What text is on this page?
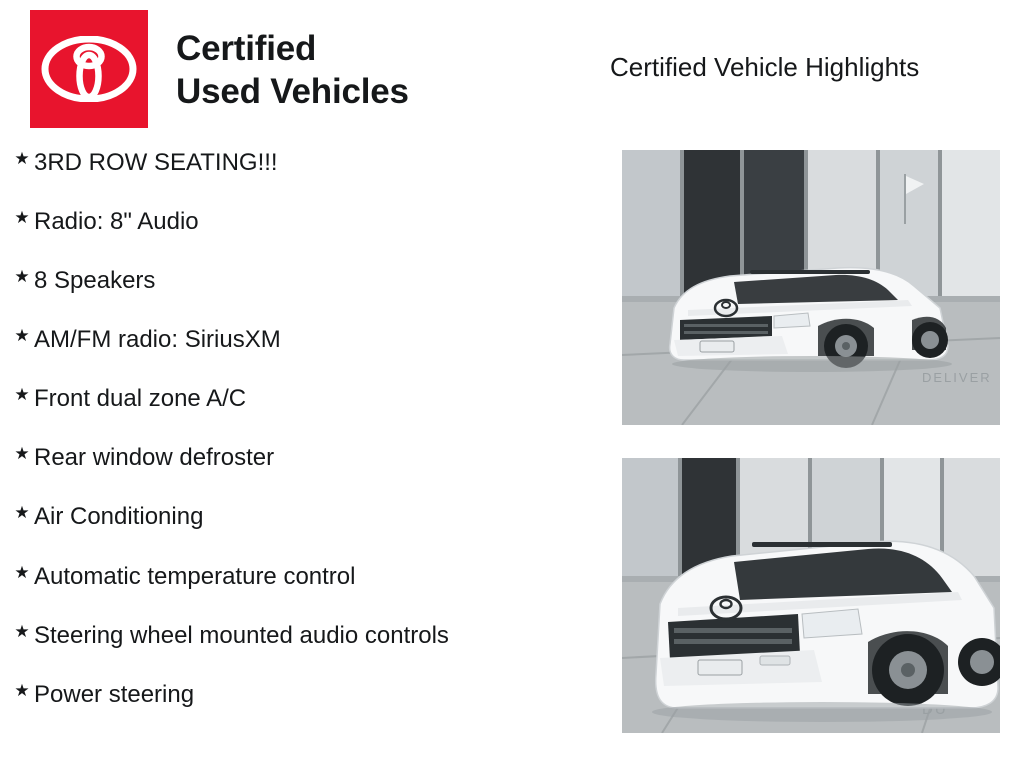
Certified
Used Vehicles
Certified Vehicle Highlights
★ 3RD ROW SEATING!!!
★ Radio: 8" Audio
★ 8 Speakers
★ AM/FM radio: SiriusXM
★ Front dual zone A/C
★ Rear window defroster
★ Air Conditioning
★ Automatic temperature control
★ Steering wheel mounted audio controls
★ Power steering
DELIVER
